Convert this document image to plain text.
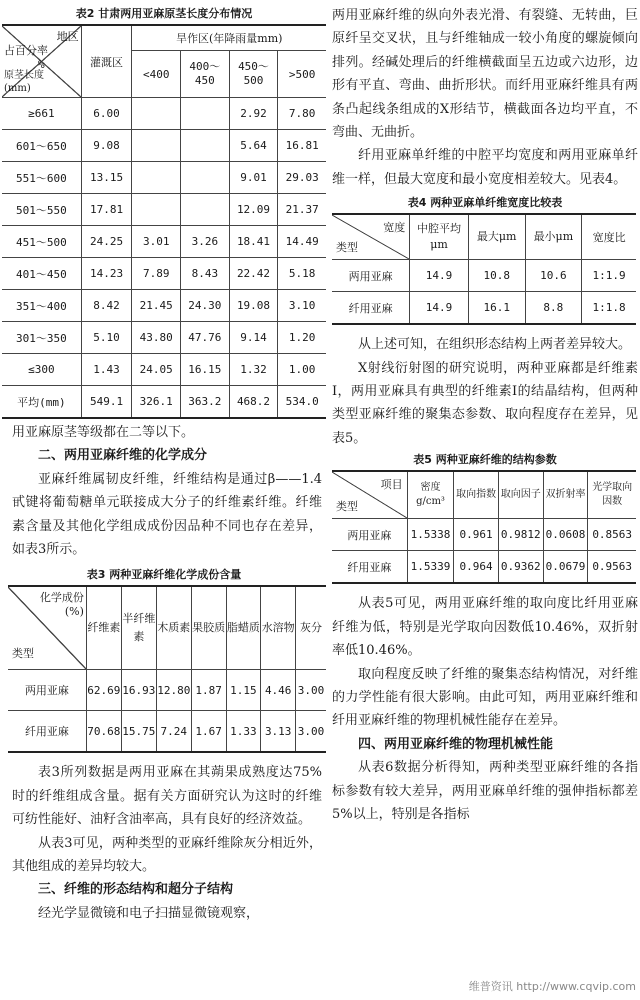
表2 甘肃两用亚麻原茎长度分布情况

地区
占百分率
%
原茎长度(mm)	灌溉区	旱作区(年降雨量mm)			
		<400	400～450	450～500	>500
≥661	6.00			2.92	7.80
601～650	9.08			5.64	16.81
551～600	13.15			9.01	29.03
501～550	17.81			12.09	21.37
451～500	24.25	3.01	3.26	18.41	14.49
401～450	14.23	7.89	8.43	22.42	5.18
351～400	8.42	21.45	24.30	19.08	3.10
301～350	5.10	43.80	47.76	9.14	1.20
≤300	1.43	24.05	16.15	1.32	1.00
平均(mm)	549.1	326.1	363.2	468.2	534.0

用亚麻原茎等级都在二等以下。

二、两用亚麻纤维的化学成分

亚麻纤维属韧皮纤维，纤维结构是通过β——1.4甙键将葡萄糖单元联接成大分子的纤维素纤维。纤维素含量及其他化学组成成份因品种不同也存在差异，如表3所示。

表3 两种亚麻纤维化学成份含量

化学成份(%)
类型	纤维素	半纤维素	木质素	果胶质	脂蜡质	水溶物	灰分
两用亚麻	62.69	16.93	12.80	1.87	1.15	4.46	3.00
纤用亚麻	70.68	15.75	7.24	1.67	1.33	3.13	3.00

表3所列数据是两用亚麻在其蒴果成熟度达75%时的纤维组成含量。据有关方面研究认为这时的纤维可纺性能好、油籽含油率高，具有良好的经济效益。

从表3可见，两种类型的亚麻纤维除灰分相近外，其他组成的差异均较大。

三、纤维的形态结构和超分子结构

经光学显微镜和电子扫描显微镜观察，

两用亚麻纤维的纵向外表光滑、有裂缝、无转曲，巨原纤呈交叉状，且与纤维轴成一较小角度的螺旋倾向排列。经碱处理后的纤维横截面呈五边或六边形，边形有平直、弯曲、曲折形状。而纤用亚麻纤维具有两条凸起线条组成的X形结节，横截面各边均平直，不弯曲、无曲折。

纤用亚麻单纤维的中腔平均宽度和两用亚麻单纤维一样，但最大宽度和最小宽度相差较大。见表4。

表4 两种亚麻单纤维宽度比较表

宽度
类型	中腔平均μm	最大μm	最小μm	宽度比
两用亚麻	14.9	10.8	10.6	1:1.9
纤用亚麻	14.9	16.1	8.8	1:1.8

从上述可知，在组织形态结构上两者差异较大。

X射线衍射图的研究说明，两种亚麻都是纤维素I，两用亚麻具有典型的纤维素I的结晶结构，但两种类型亚麻纤维的聚集态参数、取向程度存在差异，见表5。

表5 两种亚麻纤维的结构参数

项目
类型	密度g/cm³	取向指数	取向因子	双折射率	光学取向因数
两用亚麻	1.5338	0.961	0.9812	0.0608	0.8563
纤用亚麻	1.5339	0.964	0.9362	0.0679	0.9563

从表5可见，两用亚麻纤维的取向度比纤用亚麻纤维为低，特别是光学取向因数低10.46%，双折射率低10.46%。

取向程度反映了纤维的聚集态结构情况，对纤维的力学性能有很大影响。由此可知，两用亚麻纤维和纤用亚麻纤维的物理机械性能存在差异。

四、两用亚麻纤维的物理机械性能

从表6数据分析得知，两种类型亚麻纤维的各指标参数有较大差异，两用亚麻单纤维的强伸指标都差5%以上，特别是各指标

维普资讯 http://www.cqvip.com
